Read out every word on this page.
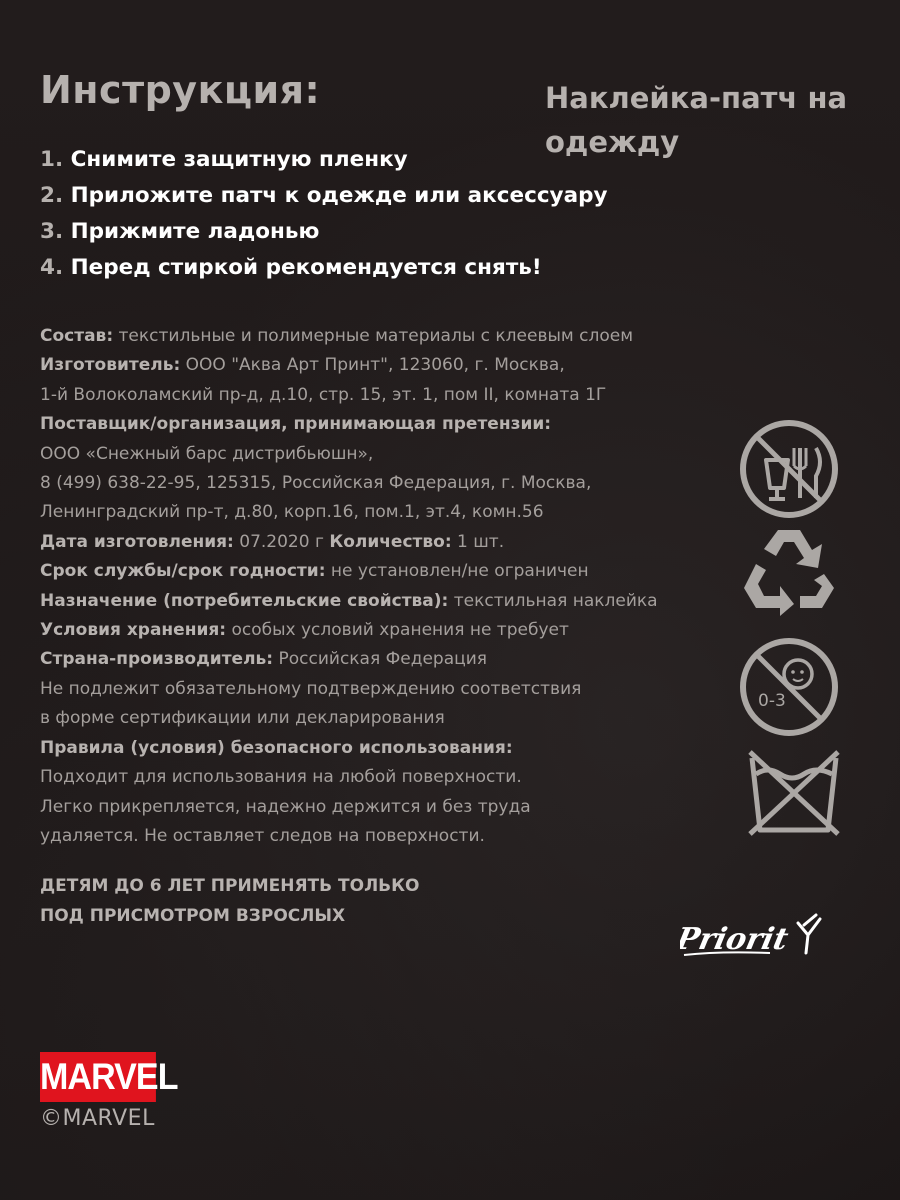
Инструкция:	Наклейка-патч на одежду
1. Снимите защитную пленку
2. Приложите патч к одежде или аксессуару
3. Прижмите ладонью
4. Перед стиркой рекомендуется снять!
Состав: текстильные и полимерные материалы с клеевым слоем
Изготовитель: ООО "Аква Арт Принт", 123060, г. Москва,
1-й Волоколамский пр-д, д.10, стр. 15, эт. 1, пом II, комната 1Г
Поставщик/организация, принимающая претензии:
ООО «Снежный барс дистрибьюшн»,
8 (499) 638-22-95, 125315, Российская Федерация, г. Москва,
Ленинградский пр-т, д.80, корп.16, пом.1, эт.4, комн.56
Дата изготовления: 07.2020 г Количество: 1 шт.
Срок службы/срок годности: не установлен/не ограничен
Назначение (потребительские свойства): текстильная наклейка
Условия хранения: особых условий хранения не требует
Страна-производитель: Российская Федерация
Не подлежит обязательному подтверждению соответствия
в форме сертификации или декларирования
Правила (условия) безопасного использования:
Подходит для использования на любой поверхности.
Легко прикрепляется, надежно держится и без труда
удаляется. Не оставляет следов на поверхности.
ДЕТЯМ ДО 6 ЛЕТ ПРИМЕНЯТЬ ТОЛЬКО
ПОД ПРИСМОТРОМ ВЗРОСЛЫХ
0-3
Priorit
MARVEL
©MARVEL
